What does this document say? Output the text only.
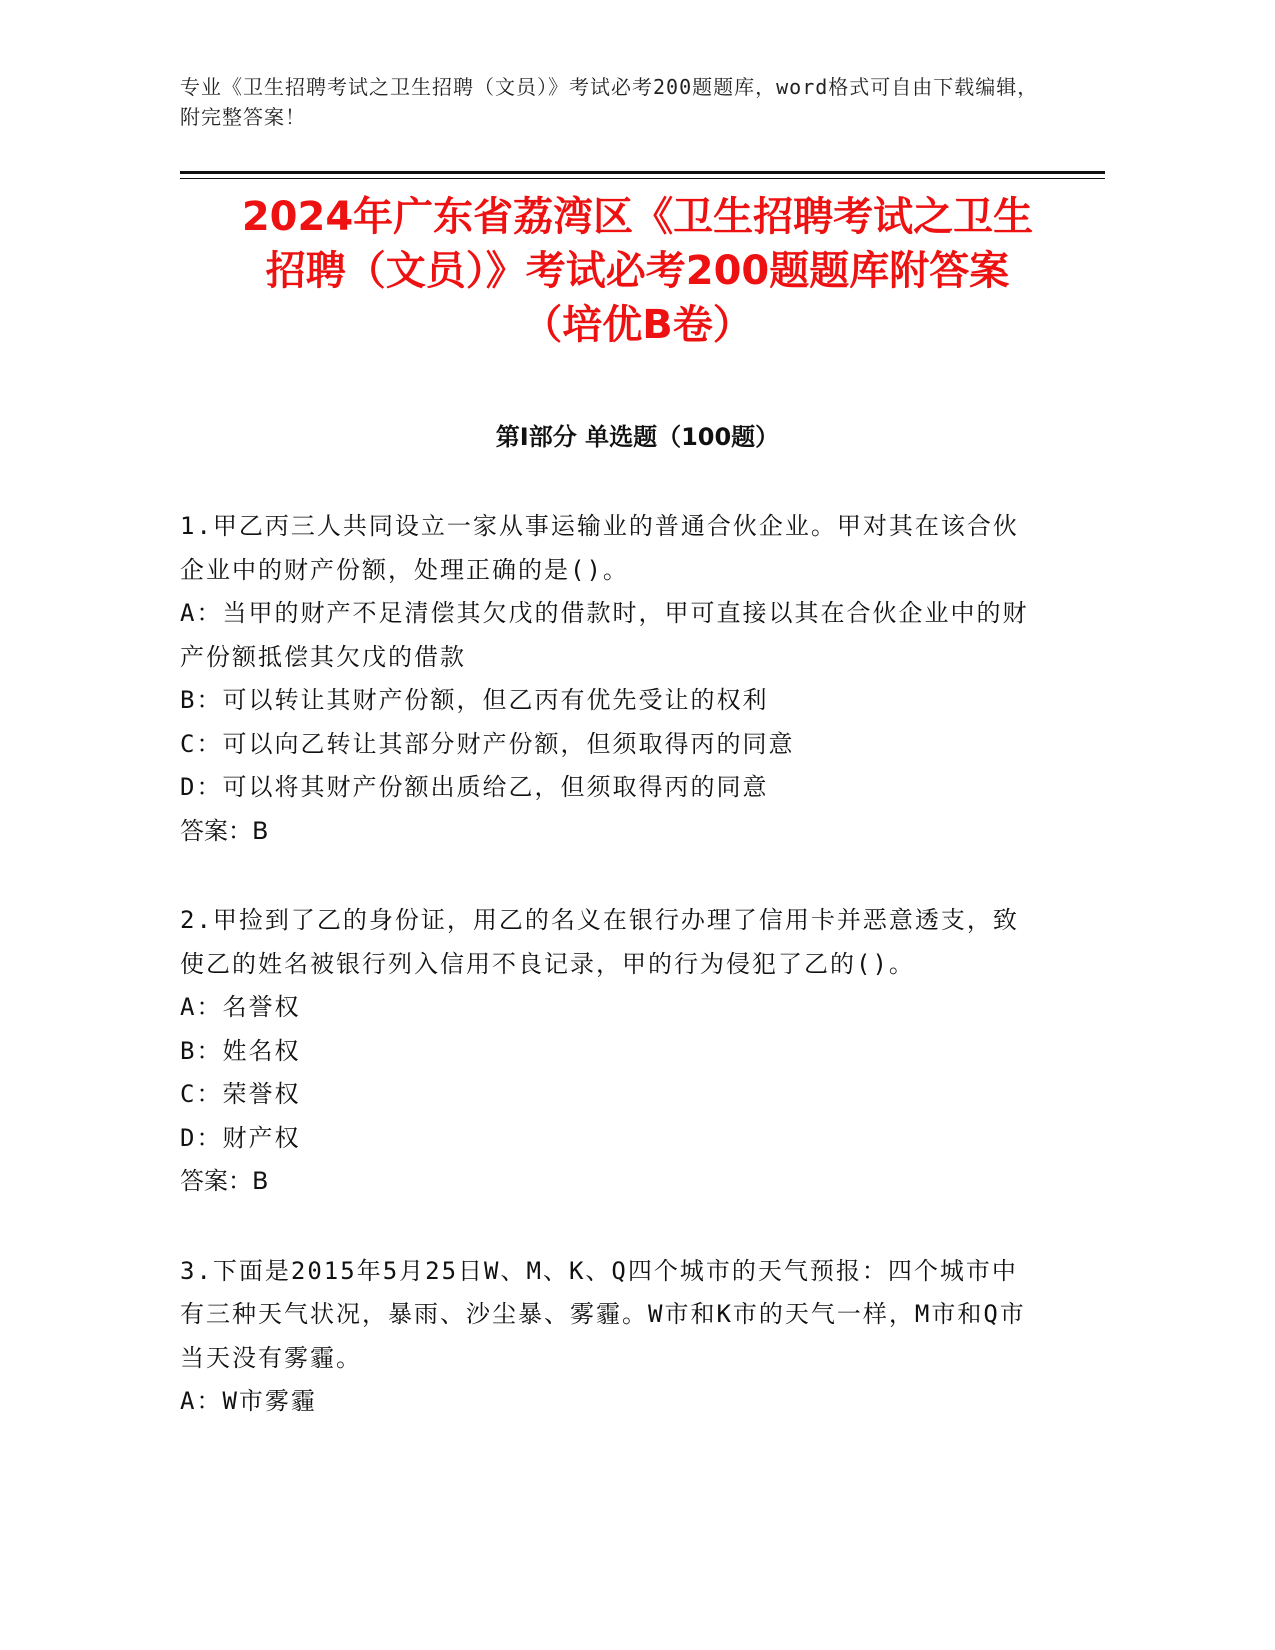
专业《卫生招聘考试之卫生招聘（文员）》考试必考200题题库，word格式可自由下载编辑，附完整答案！
2024年广东省荔湾区《卫生招聘考试之卫生
招聘（文员）》考试必考200题题库附答案
（培优B卷）
第I部分 单选题（100题）
1.甲乙丙三人共同设立一家从事运输业的普通合伙企业。甲对其在该合伙企业中的财产份额，处理正确的是()。
A：当甲的财产不足清偿其欠戊的借款时，甲可直接以其在合伙企业中的财产份额抵偿其欠戊的借款
B：可以转让其财产份额，但乙丙有优先受让的权利
C：可以向乙转让其部分财产份额，但须取得丙的同意
D：可以将其财产份额出质给乙，但须取得丙的同意
答案：B
2.甲捡到了乙的身份证，用乙的名义在银行办理了信用卡并恶意透支，致使乙的姓名被银行列入信用不良记录，甲的行为侵犯了乙的()。
A：名誉权
B：姓名权
C：荣誉权
D：财产权
答案：B
3.下面是2015年5月25日W、M、K、Q四个城市的天气预报：四个城市中有三种天气状况，暴雨、沙尘暴、雾霾。W市和K市的天气一样，M市和Q市当天没有雾霾。
A：W市雾霾
